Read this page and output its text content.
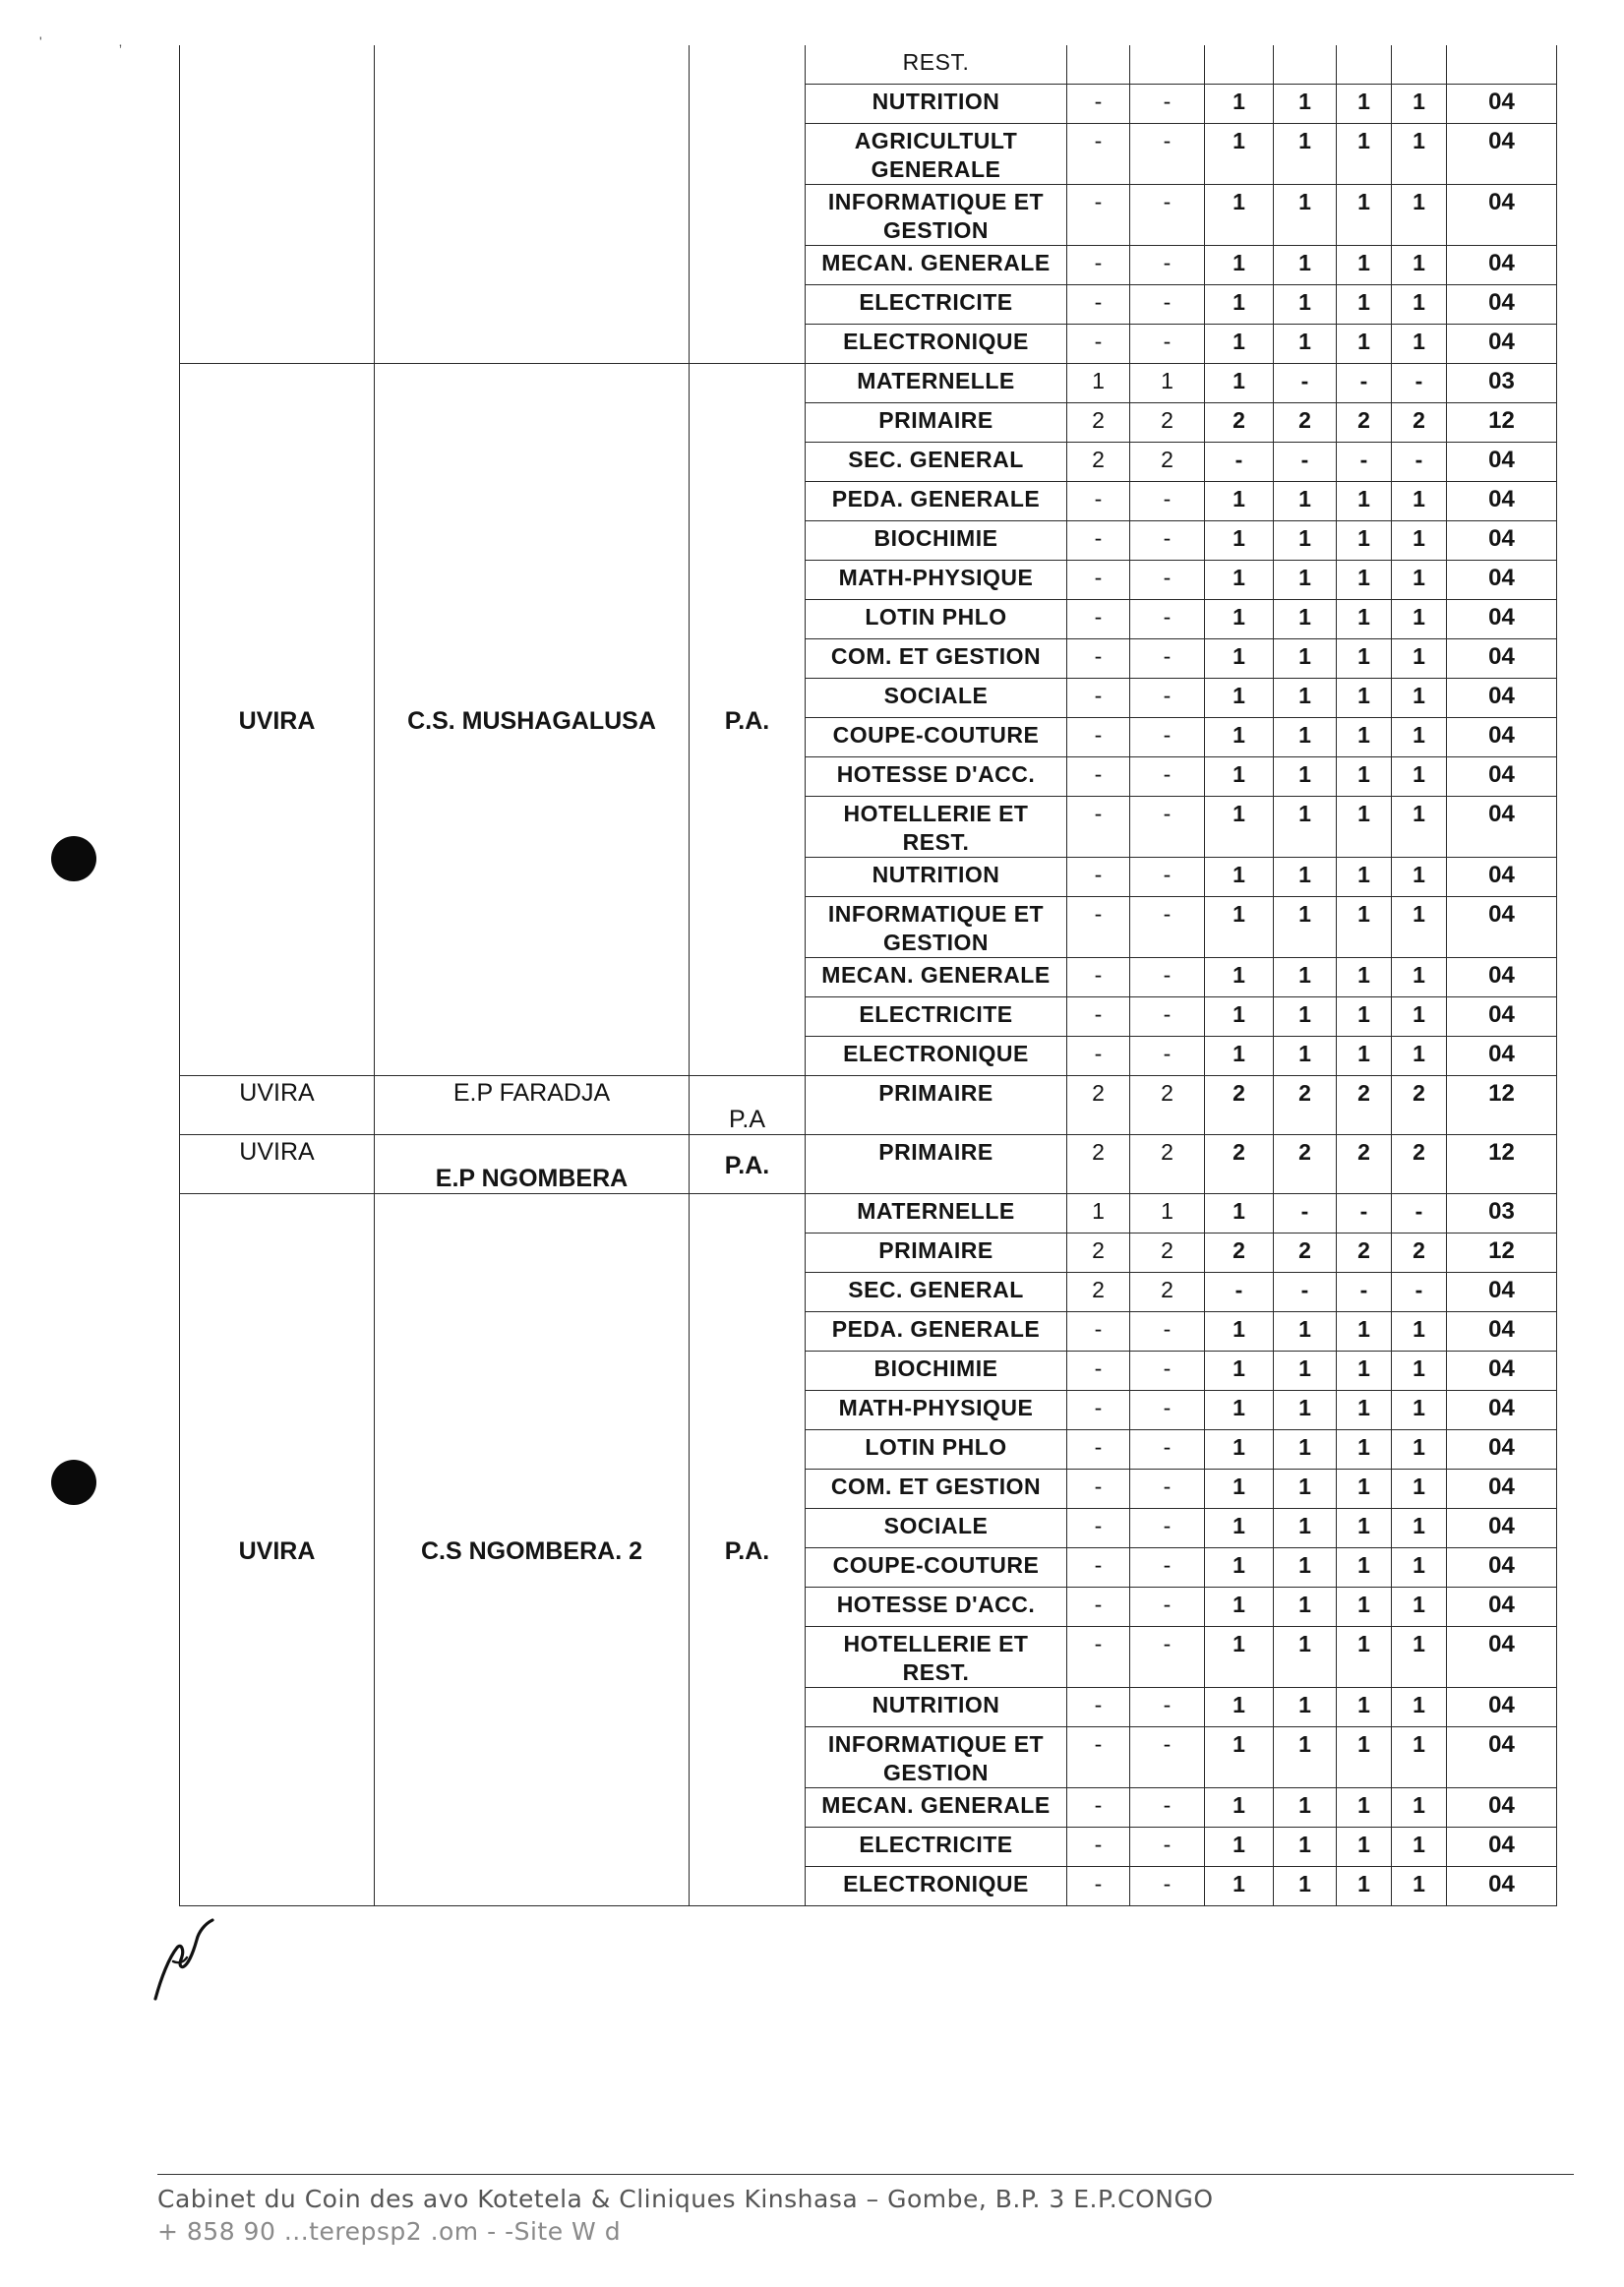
'                    ,
			REST.							
			NUTRITION	-	-	1	1	1	1	04
			AGRICULTULT GENERALE	-	-	1	1	1	1	04
			INFORMATIQUE ET GESTION	-	-	1	1	1	1	04
			MECAN. GENERALE	-	-	1	1	1	1	04
			ELECTRICITE	-	-	1	1	1	1	04
			ELECTRONIQUE	-	-	1	1	1	1	04
UVIRA	C.S. MUSHAGALUSA	P.A.	MATERNELLE	1	1	1	-	-	-	03
			PRIMAIRE	2	2	2	2	2	2	12
			SEC. GENERAL	2	2	-	-	-	-	04
			PEDA. GENERALE	-	-	1	1	1	1	04
			BIOCHIMIE	-	-	1	1	1	1	04
			MATH-PHYSIQUE	-	-	1	1	1	1	04
			LOTIN PHLO	-	-	1	1	1	1	04
			COM. ET GESTION	-	-	1	1	1	1	04
			SOCIALE	-	-	1	1	1	1	04
			COUPE-COUTURE	-	-	1	1	1	1	04
			HOTESSE D'ACC.	-	-	1	1	1	1	04
			HOTELLERIE ET REST.	-	-	1	1	1	1	04
			NUTRITION	-	-	1	1	1	1	04
			INFORMATIQUE ET GESTION	-	-	1	1	1	1	04
			MECAN. GENERALE	-	-	1	1	1	1	04
			ELECTRICITE	-	-	1	1	1	1	04
			ELECTRONIQUE	-	-	1	1	1	1	04
UVIRA	E.P FARADJA	P.A	PRIMAIRE	2	2	2	2	2	2	12
UVIRA	E.P NGOMBERA	P.A.	PRIMAIRE	2	2	2	2	2	2	12
UVIRA	C.S NGOMBERA. 2	P.A.	MATERNELLE	1	1	1	-	-	-	03
			PRIMAIRE	2	2	2	2	2	2	12
			SEC. GENERAL	2	2	-	-	-	-	04
			PEDA. GENERALE	-	-	1	1	1	1	04
			BIOCHIMIE	-	-	1	1	1	1	04
			MATH-PHYSIQUE	-	-	1	1	1	1	04
			LOTIN PHLO	-	-	1	1	1	1	04
			COM. ET GESTION	-	-	1	1	1	1	04
			SOCIALE	-	-	1	1	1	1	04
			COUPE-COUTURE	-	-	1	1	1	1	04
			HOTESSE D'ACC.	-	-	1	1	1	1	04
			HOTELLERIE ET REST.	-	-	1	1	1	1	04
			NUTRITION	-	-	1	1	1	1	04
			INFORMATIQUE ET GESTION	-	-	1	1	1	1	04
			MECAN. GENERALE	-	-	1	1	1	1	04
			ELECTRICITE	-	-	1	1	1	1	04
			ELECTRONIQUE	-	-	1	1	1	1	04

Cabinet du Coin des avo Kotetela & Cliniques Kinshasa – Gombe, B.P. 3 E.P.CONGO

+ 858 90 ...terepsp2 .om - -Site W d
